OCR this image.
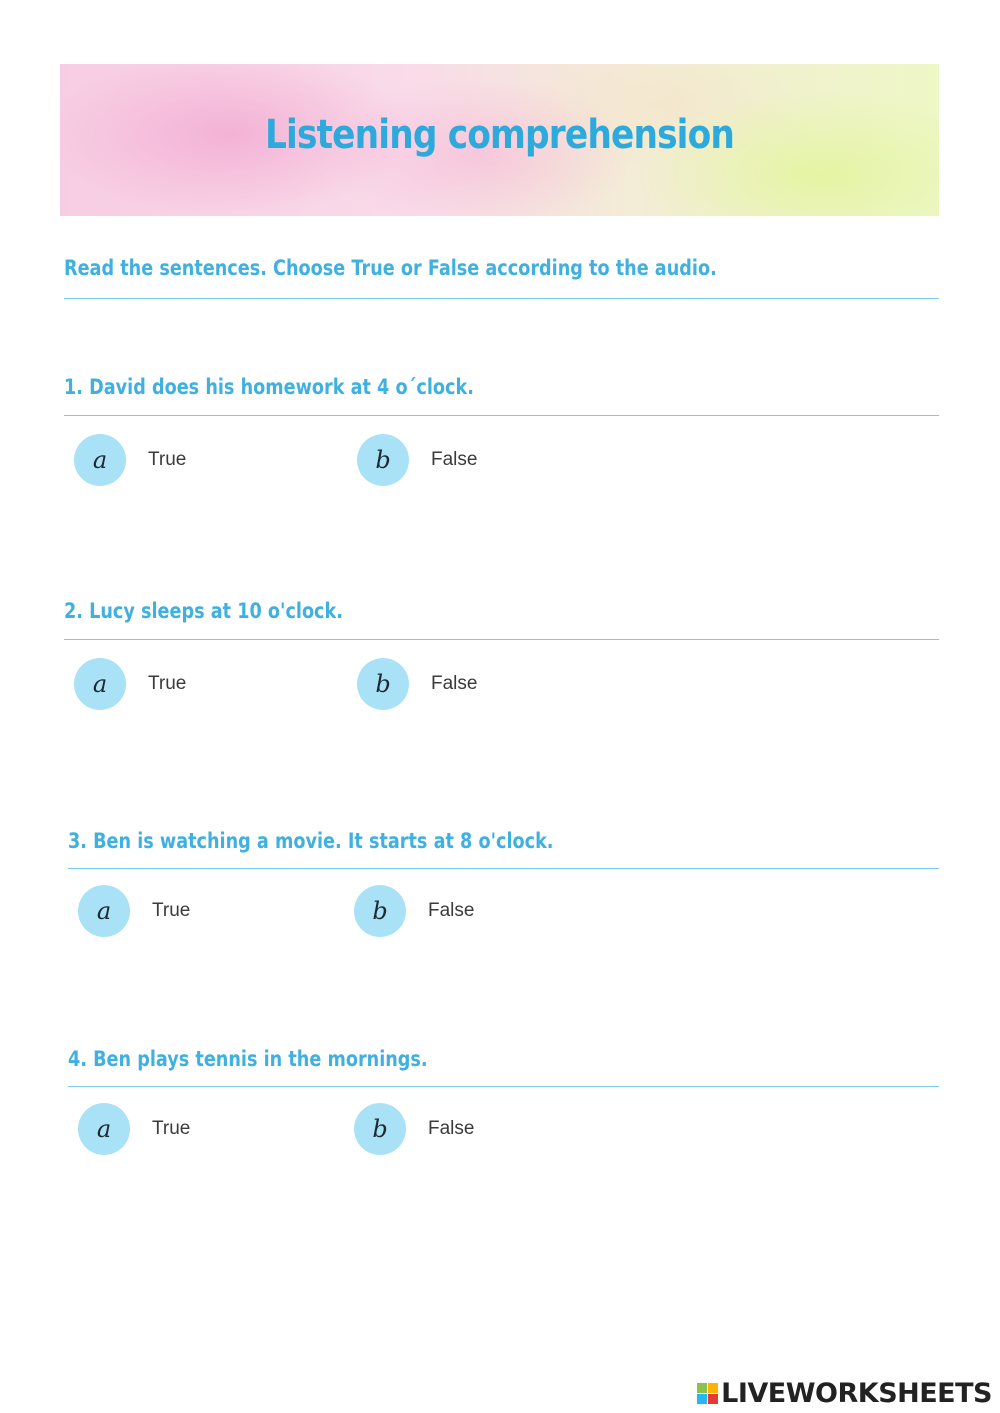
Listening comprehension
Read the sentences. Choose True or False according to the audio.
1. David does his homework at 4 o´clock.
a	True	b	False
2. Lucy sleeps at 10 o'clock.
a	True	b	False
3. Ben is watching a movie. It starts at 8 o'clock.
a	True	b	False
4. Ben plays tennis in the mornings.
a	True	b	False
LIVEWORKSHEETS
